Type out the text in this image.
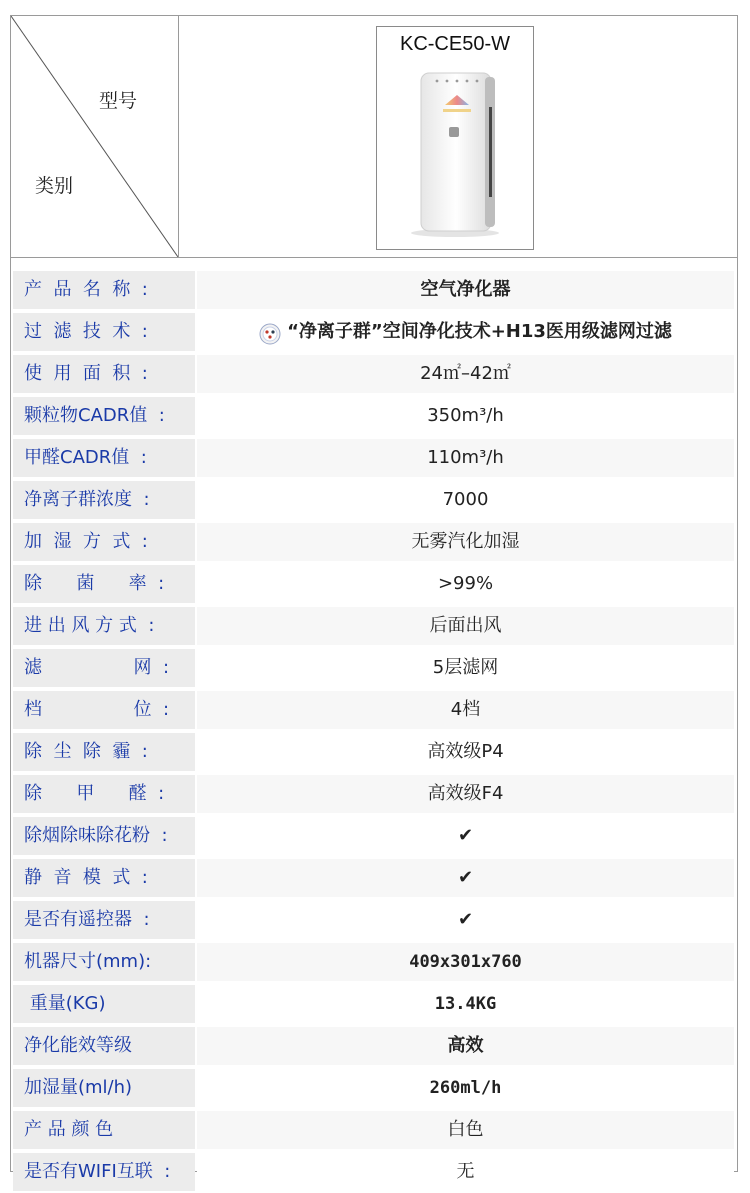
型号
类别
KC-CE50-W
产  品  名  称  :	空气净化器
过  滤  技  术  :	“净离子群”空间净化技术+H13医用级滤网过滤
使  用  面  积  :	24㎡–42㎡
颗粒物CADR值  :	350m³/h
甲醛CADR值  :	110m³/h
净离子群浓度  :	7000
加  湿  方  式  :	无雾汽化加湿
除      菌      率  :	>99%
进 出 风 方 式  :	后面出风
滤                网  :	5层滤网
档                位  :	4档
除  尘  除  霾  :	高效级P4
除      甲      醛  :	高效级F4
除烟除味除花粉  :	✔
静  音  模  式  :	✔
是否有遥控器  :	✔
机器尺寸(mm):	409x301x760
重量(KG)	13.4KG
净化能效等级	高效
加湿量(ml/h)	260ml/h
产 品 颜 色	白色
是否有WIFI互联  :	无
